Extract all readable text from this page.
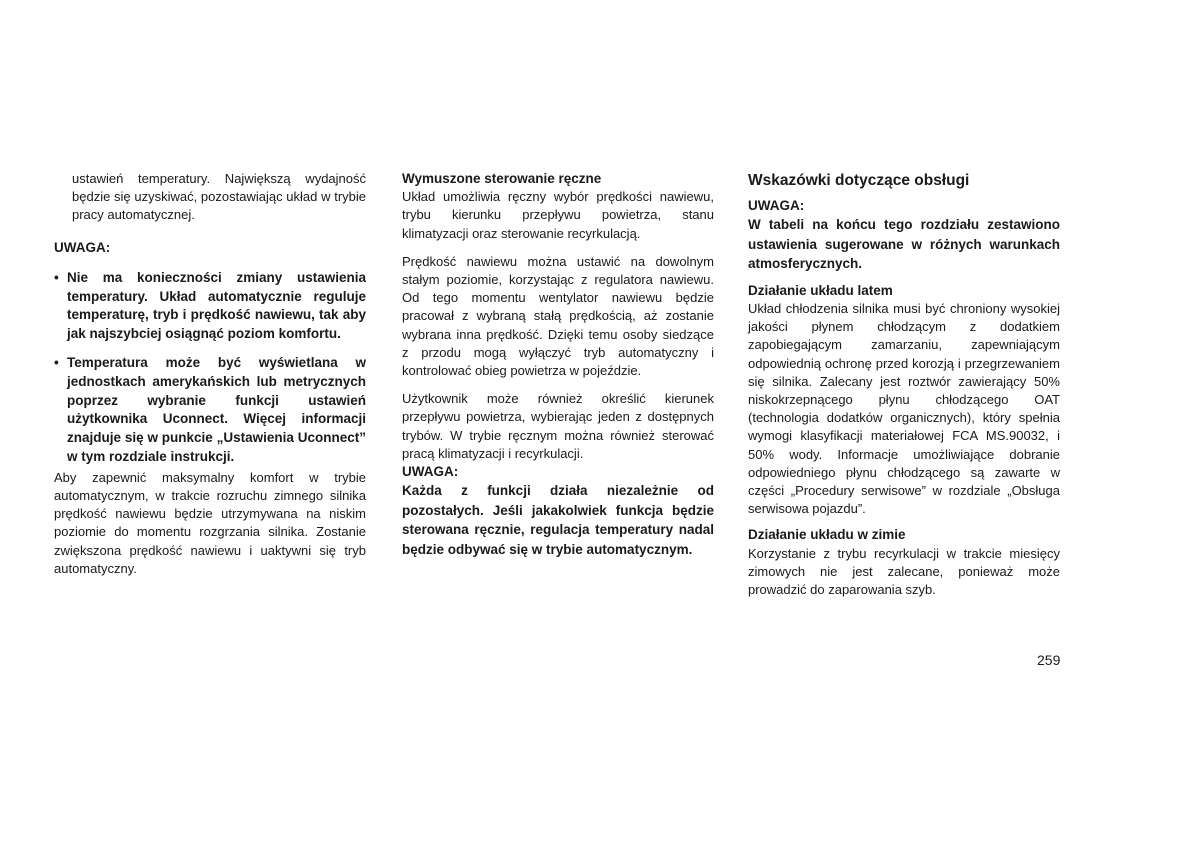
ustawień temperatury. Największą wydajność będzie się uzyskiwać, pozostawiając układ w trybie pracy automatycznej.

UWAGA:

• Nie ma konieczności zmiany ustawienia temperatury. Układ automatycznie reguluje temperaturę, tryb i prędkość nawiewu, tak aby jak najszybciej osiągnąć poziom komfortu.
• Temperatura może być wyświetlana w jednostkach amerykańskich lub metrycznych poprzez wybranie funkcji ustawień użytkownika Uconnect. Więcej informacji znajduje się w punkcie „Ustawienia Uconnect” w tym rozdziale instrukcji.

Aby zapewnić maksymalny komfort w trybie automatycznym, w trakcie rozruchu zimnego silnika prędkość nawiewu będzie utrzymywana na niskim poziomie do momentu rozgrzania silnika. Zostanie zwiększona prędkość nawiewu i uaktywni się tryb automatyczny.

Wymuszone sterowanie ręczne

Układ umożliwia ręczny wybór prędkości nawiewu, trybu kierunku przepływu powietrza, stanu klimatyzacji oraz sterowanie recyrkulacją.

Prędkość nawiewu można ustawić na dowolnym stałym poziomie, korzystając z regulatora nawiewu. Od tego momentu wentylator nawiewu będzie pracował z wybraną stałą prędkością, aż zostanie wybrana inna prędkość. Dzięki temu osoby siedzące z przodu mogą wyłączyć tryb automatyczny i kontrolować obieg powietrza w pojeździe.

Użytkownik może również określić kierunek przepływu powietrza, wybierając jeden z dostępnych trybów. W trybie ręcznym można również sterować pracą klimatyzacji i recyrkulacji.

UWAGA:

Każda z funkcji działa niezależnie od pozostałych. Jeśli jakakolwiek funkcja będzie sterowana ręcznie, regulacja temperatury nadal będzie odbywać się w trybie automatycznym.

Wskazówki dotyczące obsługi

UWAGA:

W tabeli na końcu tego rozdziału zestawiono ustawienia sugerowane w różnych warunkach atmosferycznych.

Działanie układu latem

Układ chłodzenia silnika musi być chroniony wysokiej jakości płynem chłodzącym z dodatkiem zapobiegającym zamarzaniu, zapewniającym odpowiednią ochronę przed korozją i przegrzewaniem się silnika. Zalecany jest roztwór zawierający 50% niskokrzepnącego płynu chłodzącego OAT (technologia dodatków organicznych), który spełnia wymogi klasyfikacji materiałowej FCA MS.90032, i 50% wody. Informacje umożliwiające dobranie odpowiedniego płynu chłodzącego są zawarte w części „Procedury serwisowe” w rozdziale „Obsługa serwisowa pojazdu”.

Działanie układu w zimie

Korzystanie z trybu recyrkulacji w trakcie miesięcy zimowych nie jest zalecane, ponieważ może prowadzić do zaparowania szyb.

259
